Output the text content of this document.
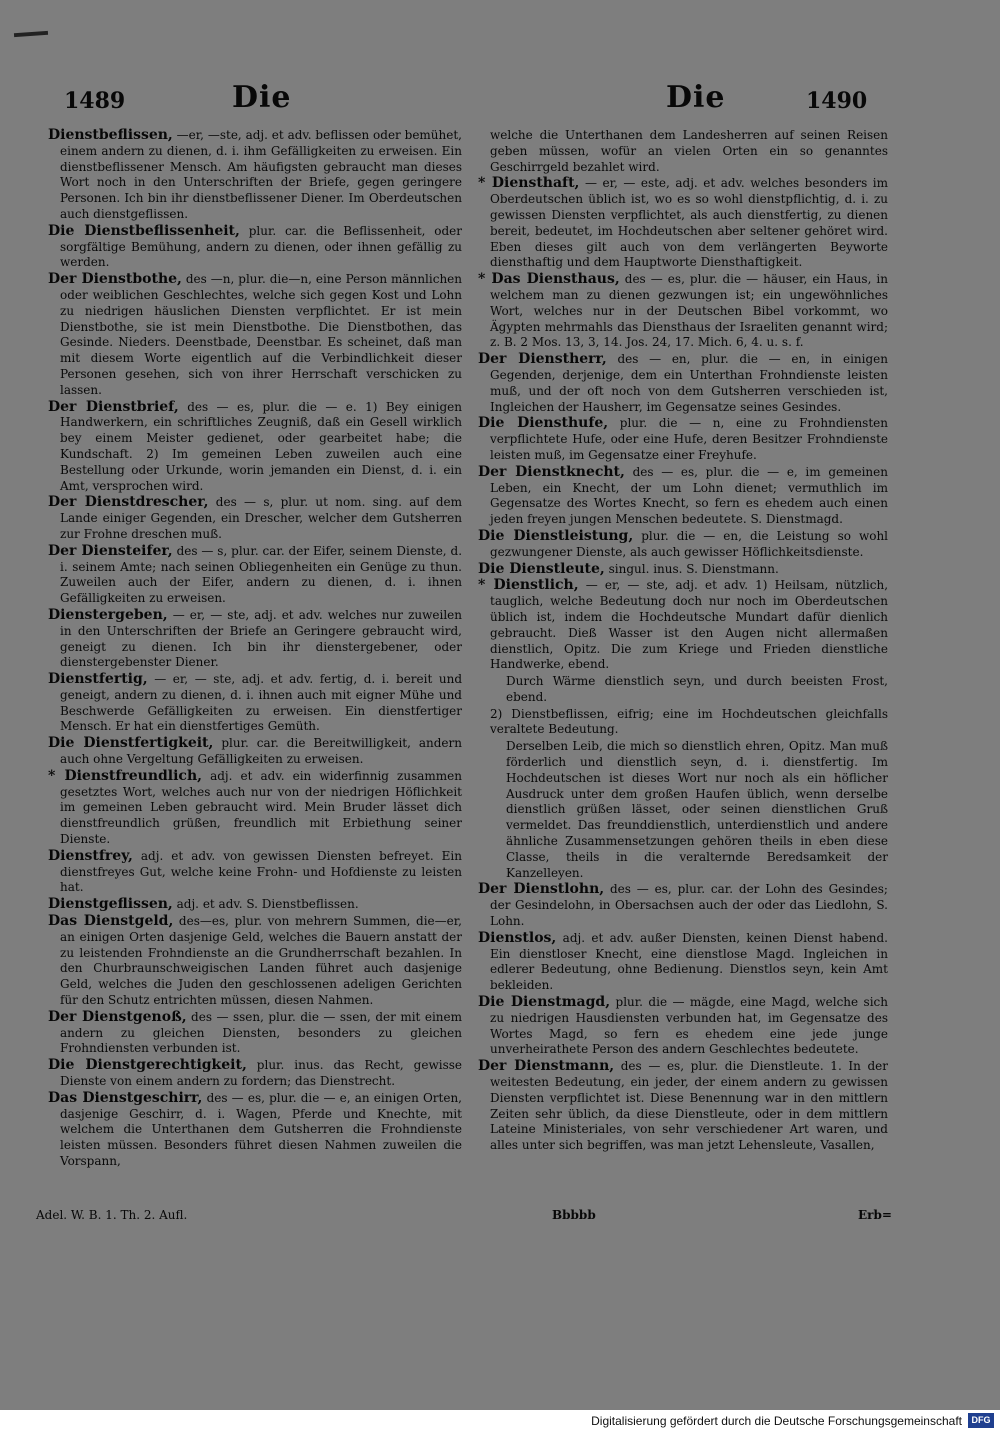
1489	Die	Die	1490

Dienstbeflissen, —er, —ste, adj. et adv. beflissen oder bemühet, einem andern zu dienen, d. i. ihm Gefälligkeiten zu erweisen. Ein dienstbeflissener Mensch. Am häufigsten gebraucht man dieses Wort noch in den Unterschriften der Briefe, gegen geringere Personen. Ich bin ihr dienstbeflissener Diener. Im Oberdeutschen auch dienstgeflissen.

Die Dienstbeflissenheit, plur. car. die Beflissenheit, oder sorgfältige Bemühung, andern zu dienen, oder ihnen gefällig zu werden.

Der Dienstbothe, des —n, plur. die—n, eine Person männlichen oder weiblichen Geschlechtes, welche sich gegen Kost und Lohn zu niedrigen häuslichen Diensten verpflichtet. Er ist mein Dienstbothe, sie ist mein Dienstbothe. Die Dienstbothen, das Gesinde. Nieders. Deenstbade, Deenstbar. Es scheinet, daß man mit diesem Worte eigentlich auf die Verbindlichkeit dieser Personen gesehen, sich von ihrer Herrschaft verschicken zu lassen.

Der Dienstbrief, des — es, plur. die — e. 1) Bey einigen Handwerkern, ein schriftliches Zeugniß, daß ein Gesell wirklich bey einem Meister gedienet, oder gearbeitet habe; die Kundschaft. 2) Im gemeinen Leben zuweilen auch eine Bestellung oder Urkunde, worin jemanden ein Dienst, d. i. ein Amt, versprochen wird.

Der Dienstdrescher, des — s, plur. ut nom. sing. auf dem Lande einiger Gegenden, ein Drescher, welcher dem Gutsherren zur Frohne dreschen muß.

Der Diensteifer, des — s, plur. car. der Eifer, seinem Dienste, d. i. seinem Amte; nach seinen Obliegenheiten ein Genüge zu thun. Zuweilen auch der Eifer, andern zu dienen, d. i. ihnen Gefälligkeiten zu erweisen.

Dienstergeben, — er, — ste, adj. et adv. welches nur zuweilen in den Unterschriften der Briefe an Geringere gebraucht wird, geneigt zu dienen. Ich bin ihr dienstergebener, oder dienstergebenster Diener.

Dienstfertig, — er, — ste, adj. et adv. fertig, d. i. bereit und geneigt, andern zu dienen, d. i. ihnen auch mit eigner Mühe und Beschwerde Gefälligkeiten zu erweisen. Ein dienstfertiger Mensch. Er hat ein dienstfertiges Gemüth.

Die Dienstfertigkeit, plur. car. die Bereitwilligkeit, andern auch ohne Vergeltung Gefälligkeiten zu erweisen.

* Dienstfreundlich, adj. et adv. ein widerfinnig zusammen gesetztes Wort, welches auch nur von der niedrigen Höflichkeit im gemeinen Leben gebraucht wird. Mein Bruder lässet dich dienstfreundlich grüßen, freundlich mit Erbiethung seiner Dienste.

Dienstfrey, adj. et adv. von gewissen Diensten befreyet. Ein dienstfreyes Gut, welche keine Frohn- und Hofdienste zu leisten hat.

Dienstgeflissen, adj. et adv. S. Dienstbeflissen.

Das Dienstgeld, des—es, plur. von mehrern Summen, die—er, an einigen Orten dasjenige Geld, welches die Bauern anstatt der zu leistenden Frohndienste an die Grundherrschaft bezahlen. In den Churbraunschweigischen Landen führet auch dasjenige Geld, welches die Juden den geschlossenen adeligen Gerichten für den Schutz entrichten müssen, diesen Nahmen.

Der Dienstgenoß, des — ssen, plur. die — ssen, der mit einem andern zu gleichen Diensten, besonders zu gleichen Frohndiensten verbunden ist.

Die Dienstgerechtigkeit, plur. inus. das Recht, gewisse Dienste von einem andern zu fordern; das Dienstrecht.

Das Dienstgeschirr, des — es, plur. die — e, an einigen Orten, dasjenige Geschirr, d. i. Wagen, Pferde und Knechte, mit welchem die Unterthanen dem Gutsherren die Frohndienste leisten müssen. Besonders führet diesen Nahmen zuweilen die Vorspann,

welche die Unterthanen dem Landesherren auf seinen Reisen geben müssen, wofür an vielen Orten ein so genanntes Geschirrgeld bezahlet wird.

* Diensthaft, — er, — este, adj. et adv. welches besonders im Oberdeutschen üblich ist, wo es so wohl dienstpflichtig, d. i. zu gewissen Diensten verpflichtet, als auch dienstfertig, zu dienen bereit, bedeutet, im Hochdeutschen aber seltener gehöret wird. Eben dieses gilt auch von dem verlängerten Beyworte diensthaftig und dem Hauptworte Diensthaftigkeit.

* Das Diensthaus, des — es, plur. die — häuser, ein Haus, in welchem man zu dienen gezwungen ist; ein ungewöhnliches Wort, welches nur in der Deutschen Bibel vorkommt, wo Ägypten mehrmahls das Diensthaus der Israeliten genannt wird; z. B. 2 Mos. 13, 3, 14. Jos. 24, 17. Mich. 6, 4. u. s. f.

Der Dienstherr, des — en, plur. die — en, in einigen Gegenden, derjenige, dem ein Unterthan Frohndienste leisten muß, und der oft noch von dem Gutsherren verschieden ist, Ingleichen der Hausherr, im Gegensatze seines Gesindes.

Die Diensthufe, plur. die — n, eine zu Frohndiensten verpflichtete Hufe, oder eine Hufe, deren Besitzer Frohndienste leisten muß, im Gegensatze einer Freyhufe.

Der Dienstknecht, des — es, plur. die — e, im gemeinen Leben, ein Knecht, der um Lohn dienet; vermuthlich im Gegensatze des Wortes Knecht, so fern es ehedem auch einen jeden freyen jungen Menschen bedeutete. S. Dienstmagd.

Die Dienstleistung, plur. die — en, die Leistung so wohl gezwungener Dienste, als auch gewisser Höflichkeitsdienste.

Die Dienstleute, singul. inus. S. Dienstmann.

* Dienstlich, — er, — ste, adj. et adv. 1) Heilsam, nützlich, tauglich, welche Bedeutung doch nur noch im Oberdeutschen üblich ist, indem die Hochdeutsche Mundart dafür dienlich gebraucht. Dieß Wasser ist den Augen nicht allermaßen dienstlich, Opitz. Die zum Kriege und Frieden dienstliche Handwerke, ebend.

Durch Wärme dienstlich seyn, und durch beeisten Frost, ebend.

2) Dienstbeflissen, eifrig; eine im Hochdeutschen gleichfalls veraltete Bedeutung.

Derselben Leib, die mich so dienstlich ehren, Opitz. Man muß förderlich und dienstlich seyn, d. i. dienstfertig. Im Hochdeutschen ist dieses Wort nur noch als ein höflicher Ausdruck unter dem großen Haufen üblich, wenn derselbe dienstlich grüßen lässet, oder seinen dienstlichen Gruß vermeldet. Das freunddienstlich, unterdienstlich und andere ähnliche Zusammensetzungen gehören theils in eben diese Classe, theils in die veralternde Beredsamkeit der Kanzelleyen.

Der Dienstlohn, des — es, plur. car. der Lohn des Gesindes; der Gesindelohn, in Obersachsen auch der oder das Liedlohn, S. Lohn.

Dienstlos, adj. et adv. außer Diensten, keinen Dienst habend. Ein dienstloser Knecht, eine dienstlose Magd. Ingleichen in edlerer Bedeutung, ohne Bedienung. Dienstlos seyn, kein Amt bekleiden.

Die Dienstmagd, plur. die — mägde, eine Magd, welche sich zu niedrigen Hausdiensten verbunden hat, im Gegensatze des Wortes Magd, so fern es ehedem eine jede junge unverheirathete Person des andern Geschlechtes bedeutete.

Der Dienstmann, des — es, plur. die Dienstleute. 1. In der weitesten Bedeutung, ein jeder, der einem andern zu gewissen Diensten verpflichtet ist. Diese Benennung war in den mittlern Zeiten sehr üblich, da diese Dienstleute, oder in dem mittlern Lateine Ministeriales, von sehr verschiedener Art waren, und alles unter sich begriffen, was man jetzt Lehensleute, Vasallen,

Adel. W. B. 1. Th. 2. Aufl.	Bbbbb	Erb=
Digitalisierung gefördert durch die Deutsche Forschungsgemeinschaft	DFG
